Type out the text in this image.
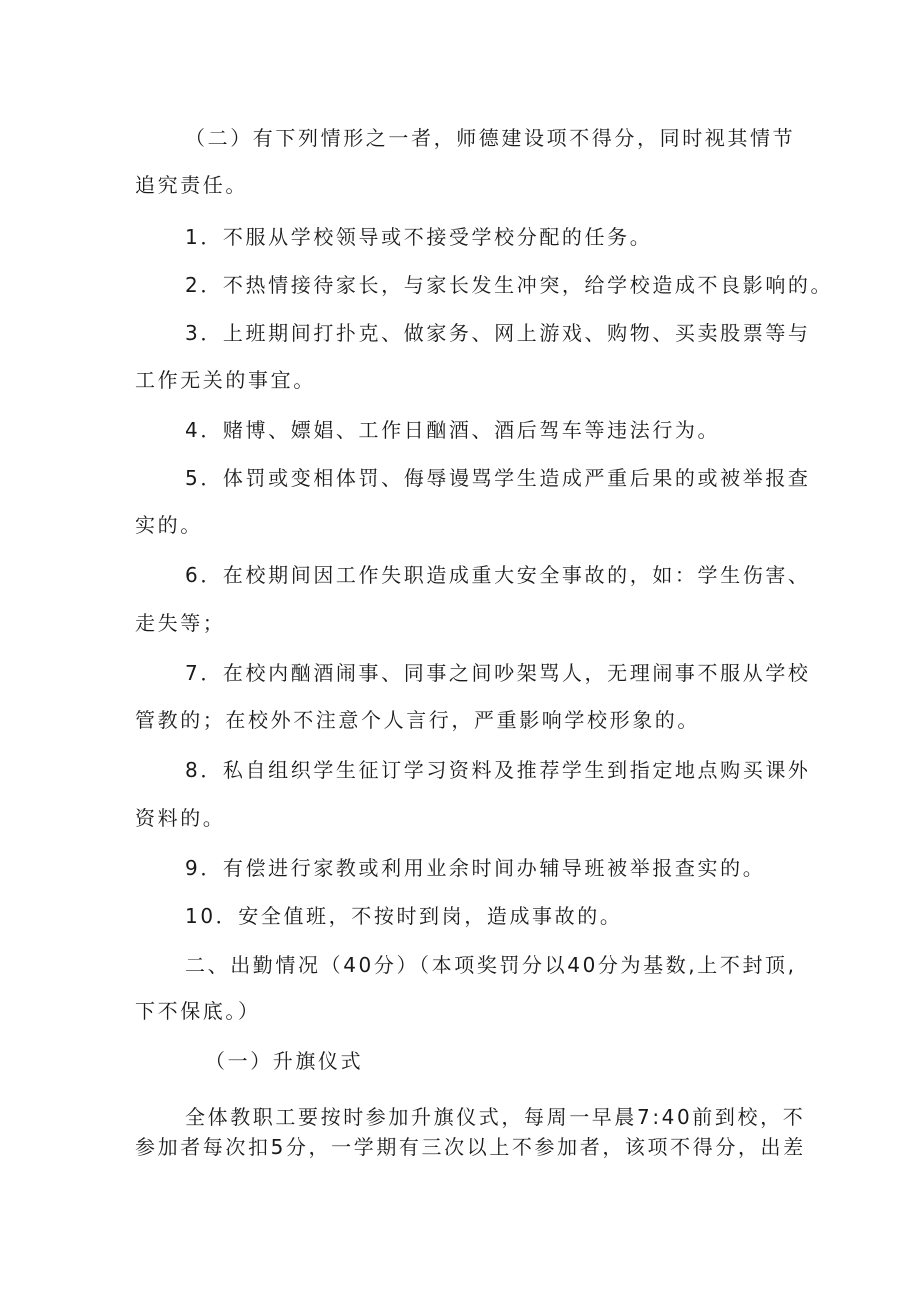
（二）有下列情形之一者，师德建设项不得分，同时视其情节
追究责任。
1．不服从学校领导或不接受学校分配的任务。
2．不热情接待家长，与家长发生冲突，给学校造成不良影响的。
3．上班期间打扑克、做家务、网上游戏、购物、买卖股票等与
工作无关的事宜。
4．赌博、嫖娼、工作日酗酒、酒后驾车等违法行为。
5．体罚或变相体罚、侮辱谩骂学生造成严重后果的或被举报查
实的。
6．在校期间因工作失职造成重大安全事故的，如：学生伤害、
走失等；
7．在校内酗酒闹事、同事之间吵架骂人，无理闹事不服从学校
管教的；在校外不注意个人言行，严重影响学校形象的。
8．私自组织学生征订学习资料及推荐学生到指定地点购买课外
资料的。
9．有偿进行家教或利用业余时间办辅导班被举报查实的。
10．安全值班，不按时到岗，造成事故的。
二、出勤情况（40分）（本项奖罚分以40分为基数,上不封顶,
下不保底。）
（一）升旗仪式
全体教职工要按时参加升旗仪式，每周一早晨7:40前到校，不
参加者每次扣5分，一学期有三次以上不参加者，该项不得分，出差
